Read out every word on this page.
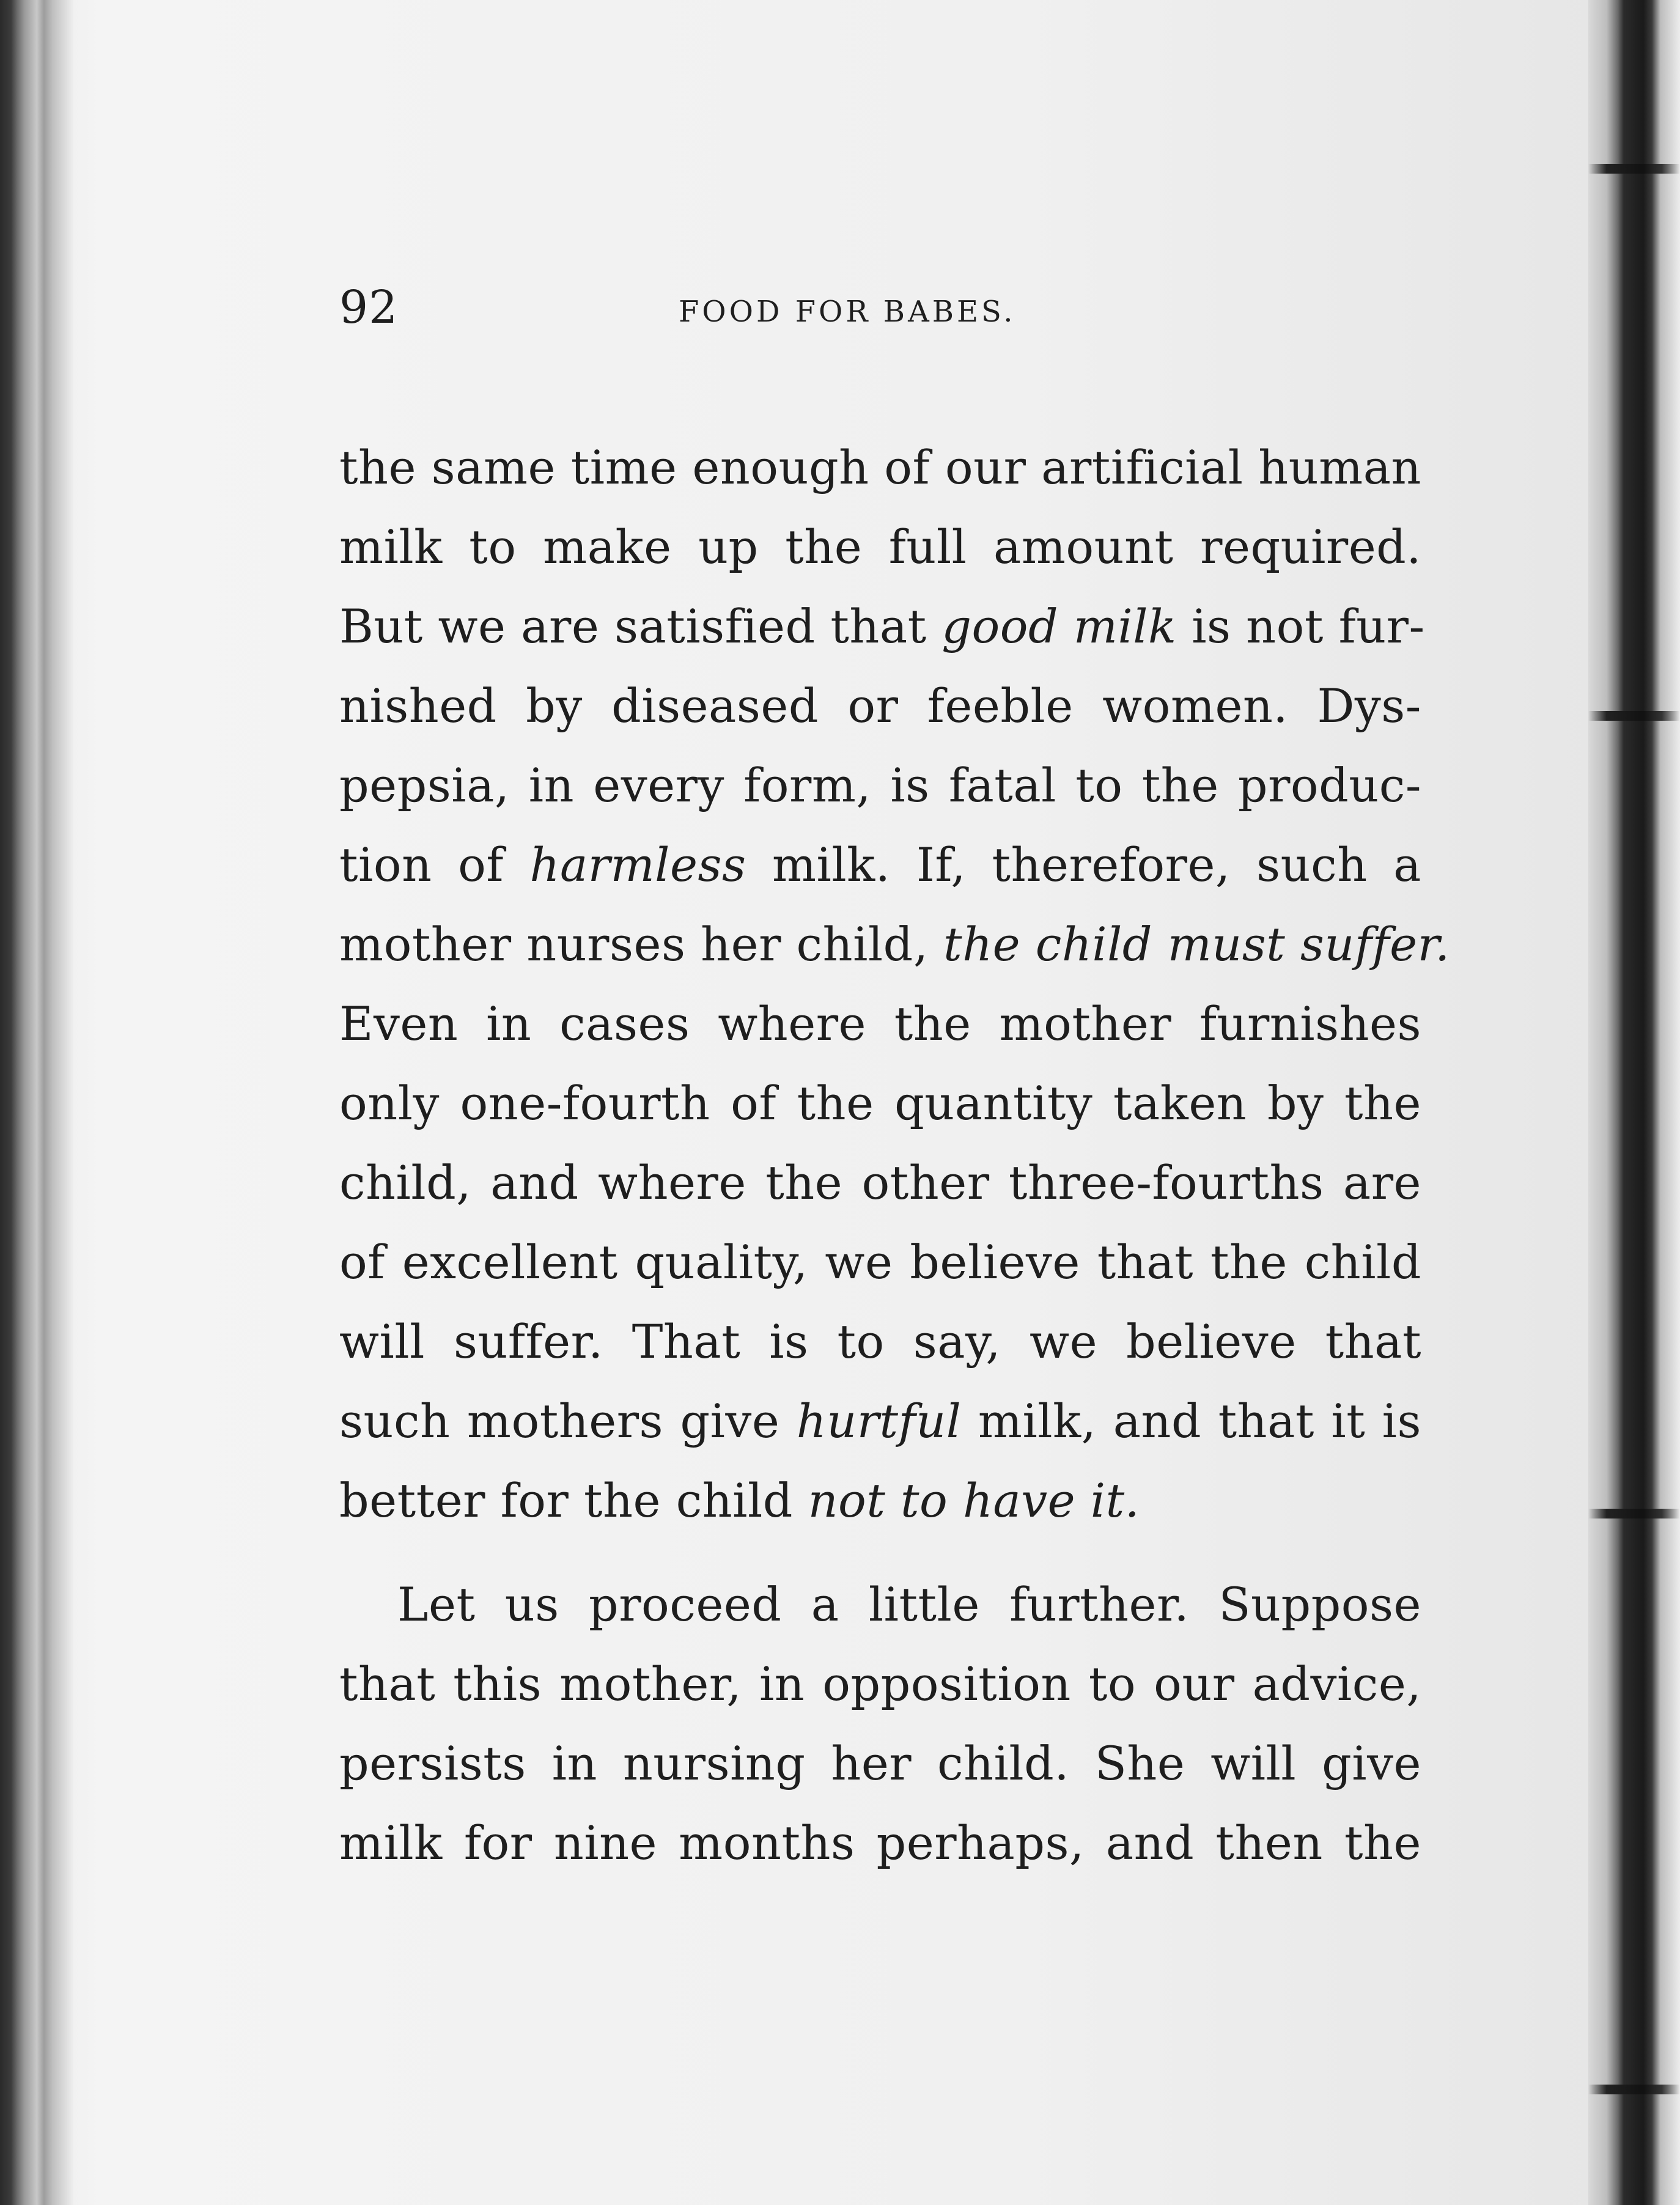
92	FOOD FOR BABES.
the same time enough of our artificial human
milk to make up the full amount required.
But we are satisfied that good milk is not fur-
nished by diseased or feeble women. Dys-
pepsia, in every form, is fatal to the produc-
tion of harmless milk. If, therefore, such a
mother nurses her child, the child must suffer.
Even in cases where the mother furnishes
only one-fourth of the quantity taken by the
child, and where the other three-fourths are
of excellent quality, we believe that the child
will suffer. That is to say, we believe that
such mothers give hurtful milk, and that it is
better for the child not to have it.
Let us proceed a little further. Suppose
that this mother, in opposition to our advice,
persists in nursing her child. She will give
milk for nine months perhaps, and then the
